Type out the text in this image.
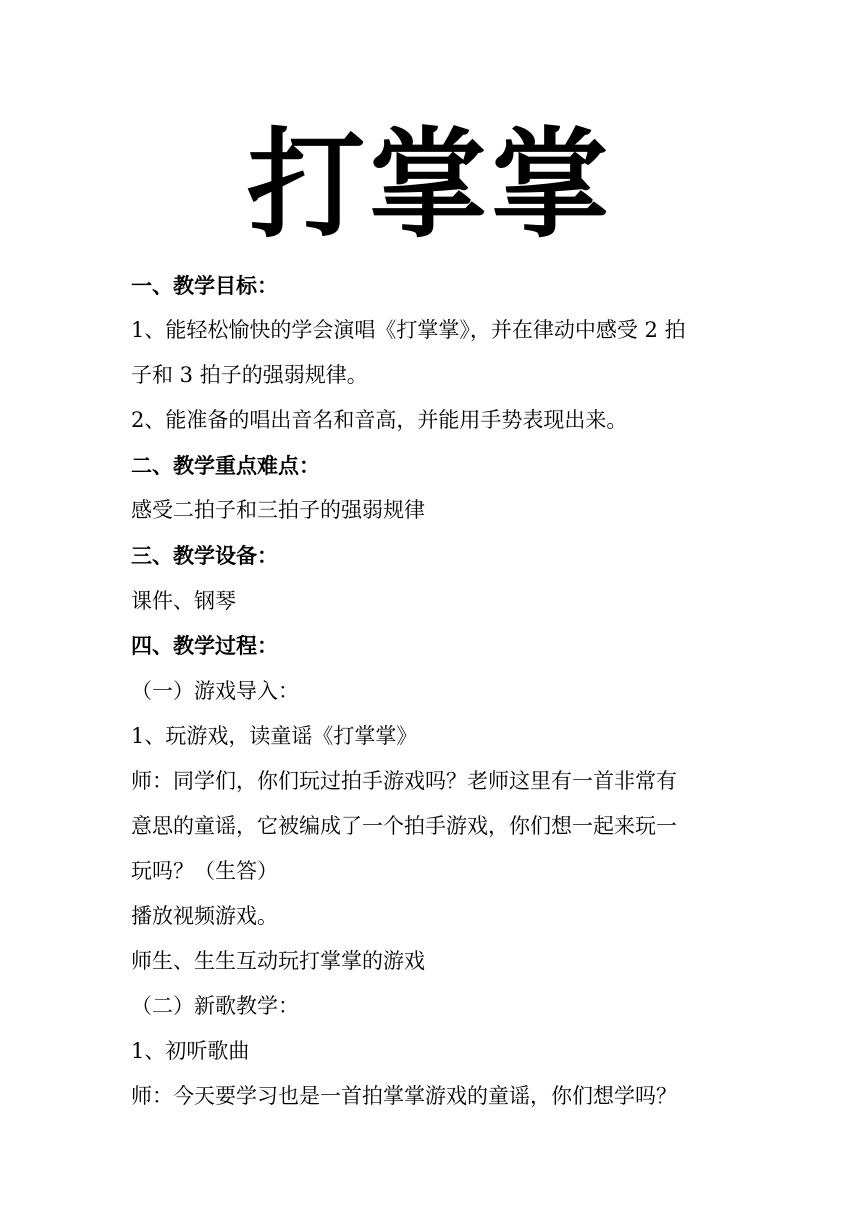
打掌掌
一、教学目标：
1、能轻松愉快的学会演唱《打掌掌》，并在律动中感受 2 拍
子和 3 拍子的强弱规律。
2、能准备的唱出音名和音高，并能用手势表现出来。
二、教学重点难点：
感受二拍子和三拍子的强弱规律
三、教学设备：
课件、钢琴
四、教学过程：
（一）游戏导入：
1、玩游戏，读童谣《打掌掌》
师：同学们，你们玩过拍手游戏吗？老师这里有一首非常有
意思的童谣，它被编成了一个拍手游戏，你们想一起来玩一
玩吗？（生答）
播放视频游戏。
师生、生生互动玩打掌掌的游戏
（二）新歌教学：
1、初听歌曲
师：今天要学习也是一首拍掌掌游戏的童谣，你们想学吗？
